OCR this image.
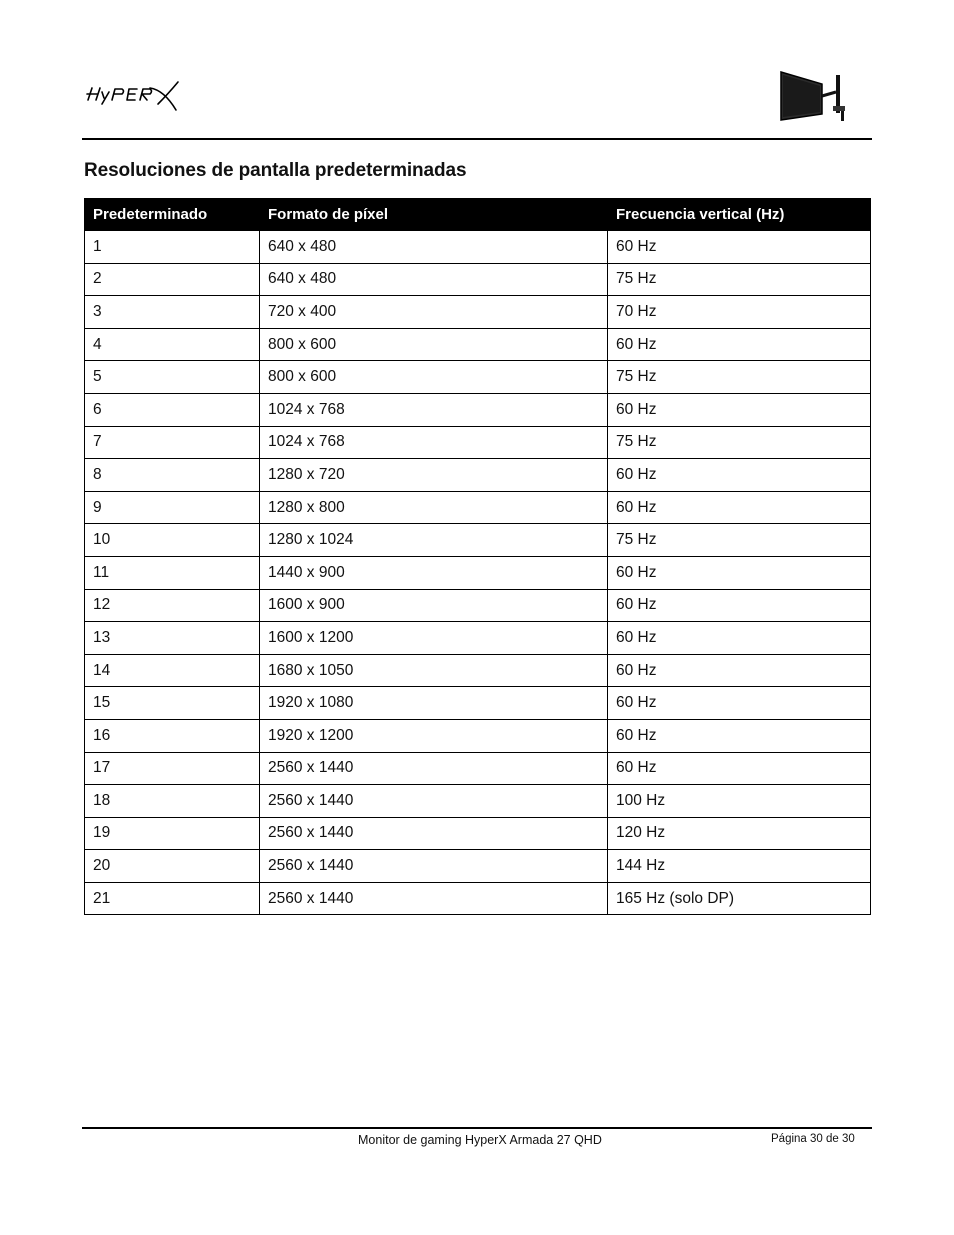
Resoluciones de pantalla predeterminadas
Predeterminado	Formato de píxel	Frecuencia vertical (Hz)
1	640 x 480	60 Hz
2	640 x 480	75 Hz
3	720 x 400	70 Hz
4	800 x 600	60 Hz
5	800 x 600	75 Hz
6	1024 x 768	60 Hz
7	1024 x 768	75 Hz
8	1280 x 720	60 Hz
9	1280 x 800	60 Hz
10	1280 x 1024	75 Hz
11	1440 x 900	60 Hz
12	1600 x 900	60 Hz
13	1600 x 1200	60 Hz
14	1680 x 1050	60 Hz
15	1920 x 1080	60 Hz
16	1920 x 1200	60 Hz
17	2560 x 1440	60 Hz
18	2560 x 1440	100 Hz
19	2560 x 1440	120 Hz
20	2560 x 1440	144 Hz
21	2560 x 1440	165 Hz (solo DP)
Monitor de gaming HyperX Armada 27 QHD	Página 30 de 30
